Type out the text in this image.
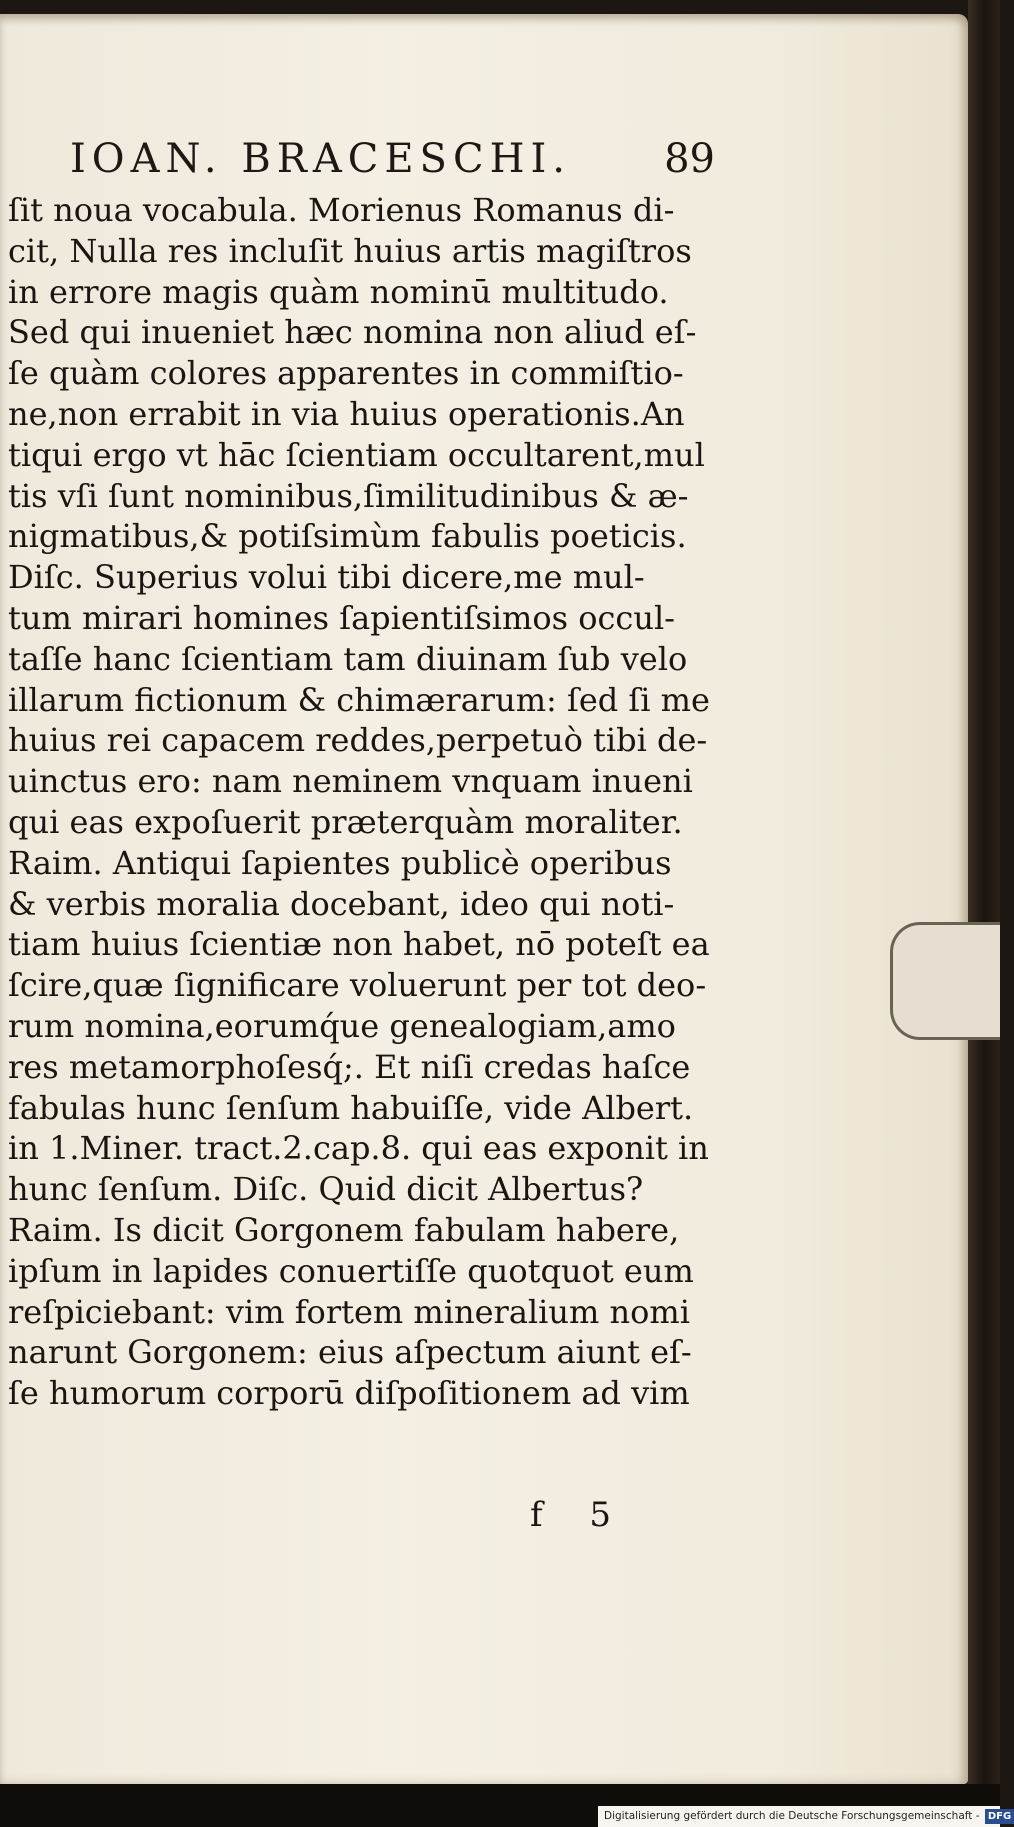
IOAN. BRACESCHI. 89
ſit noua vocabula. Morienus Romanus di-
cit, Nulla res incluſit huius artis magiſtros
in errore magis quàm nominū multitudo.
Sed qui inueniet hæc nomina non aliud eſ-
ſe quàm colores apparentes in commiſtio-
ne,non errabit in via huius operationis.An
tiqui ergo vt hāc ſcientiam occultarent,mul
tis vſi ſunt nominibus,ſimilitudinibus & æ-
nigmatibus,& potiſsimùm fabulis poeticis.
Diſc. Superius volui tibi dicere,me mul-
tum mirari homines ſapientiſsimos occul-
taſſe hanc ſcientiam tam diuinam ſub velo
illarum fictionum & chimærarum: ſed ſi me
huius rei capacem reddes,perpetuò tibi de-
uinctus ero: nam neminem vnquam inueni
qui eas expoſuerit præterquàm moraliter.
Raim. Antiqui ſapientes publicè operibus
& verbis moralia docebant, ideo qui noti-
tiam huius ſcientiæ non habet, nō poteſt ea
ſcire,quæ ſignificare voluerunt per tot deo-
rum nomina,eorumq́ue genealogiam,amo
res metamorphoſesq́;. Et niſi credas haſce
fabulas hunc ſenſum habuiſſe, vide Albert.
in 1.Miner. tract.2.cap.8. qui eas exponit in
hunc ſenſum. Diſc. Quid dicit Albertus?
Raim. Is dicit Gorgonem fabulam habere,
ipſum in lapides conuertiſſe quotquot eum
reſpiciebant: vim fortem mineralium nomi
narunt Gorgonem: eius aſpectum aiunt eſ-
ſe humorum corporū diſpoſitionem ad vim
f 5
Digitalisierung gefördert durch die Deutsche Forschungsgemeinschaft - DFG
